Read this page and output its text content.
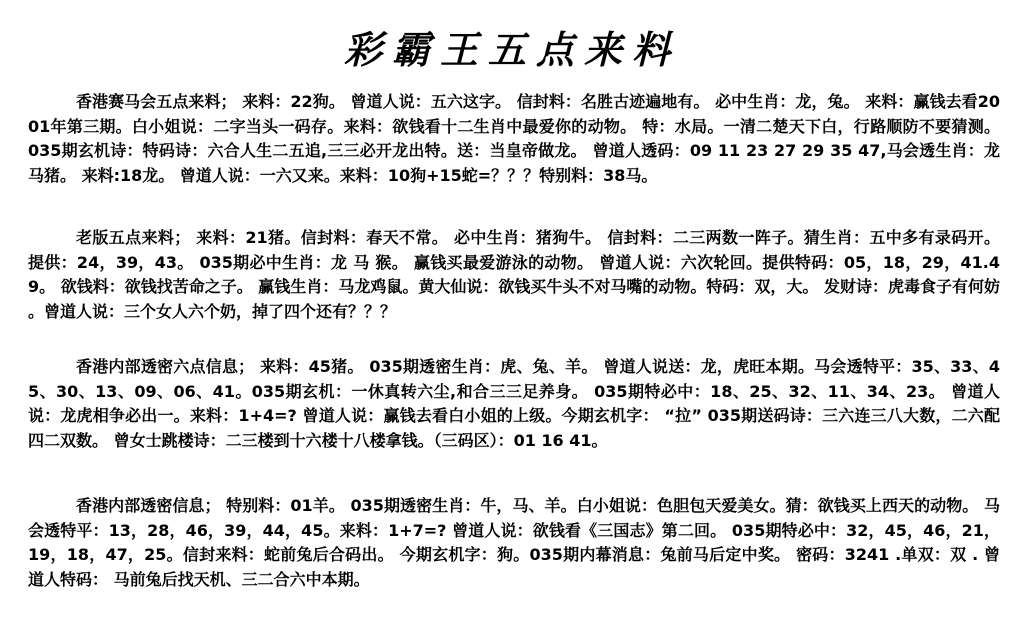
彩霸王五点来料

香港赛马会五点来料； 来料：22狗。 曾道人说：五六这字。 信封料：名胜古迹遍地有。 必中生肖：龙，兔。 来料：赢钱去看2001年第三期。白小姐说：二字当头一码存。来料：欲钱看十二生肖中最爱你的动物。 特：水局。一清二楚天下白，行路顺防不要猜测。 035期玄机诗：特码诗：六合人生二五追,三三必开龙出特。送：当皇帝做龙。 曾道人透码：09 11 23 27 29 35 47,马会透生肖：龙马猪。 来料:18龙。 曾道人说：一六又来。来料：10狗+15蛇=？？？特别料：38马。

老版五点来料； 来料：21猪。信封料：春天不常。 必中生肖：猪狗牛。 信封料：二三两数一阵子。猜生肖：五中多有录码开。 提供：24，39，43。 035期必中生肖：龙 马 猴。 赢钱买最爱游泳的动物。 曾道人说：六次轮回。提供特码：05，18，29，41.49。 欲钱料：欲钱找苦命之子。 赢钱生肖：马龙鸡鼠。黄大仙说：欲钱买牛头不对马嘴的动物。特码：双，大。 发财诗：虎毒食子有何妨 。曾道人说：三个女人六个奶，掉了四个还有？？？

香港内部透密六点信息； 来料：45猪。 035期透密生肖：虎、兔、羊。 曾道人说送：龙，虎旺本期。马会透特平：35、33、45、30、13、09、06、41。035期玄机：一休真转六尘,和合三三足养身。 035期特必中：18、25、32、11、34、23。 曾道人说：龙虎相争必出一。来料：1+4=? 曾道人说：赢钱去看白小姐的上级。今期玄机字： “拉” 035期送码诗：三六连三八大数，二六配四二双数。 曾女士跳楼诗：二三楼到十六楼十八楼拿钱。（三码区）：01 16 41。

香港内部透密信息； 特别料：01羊。 035期透密生肖：牛，马、羊。白小姐说：色胆包天爱美女。猜：欲钱买上西天的动物。 马会透特平：13，28，46，39，44，45。来料：1+7=? 曾道人说：欲钱看《三国志》第二回。 035期特必中：32，45，46，21，19，18，47，25。信封来料：蛇前兔后合码出。 今期玄机字：狗。035期内幕消息：兔前马后定中奖。 密码：3241 .单双：双 . 曾道人特码： 马前兔后找天机、三二合六中本期。
